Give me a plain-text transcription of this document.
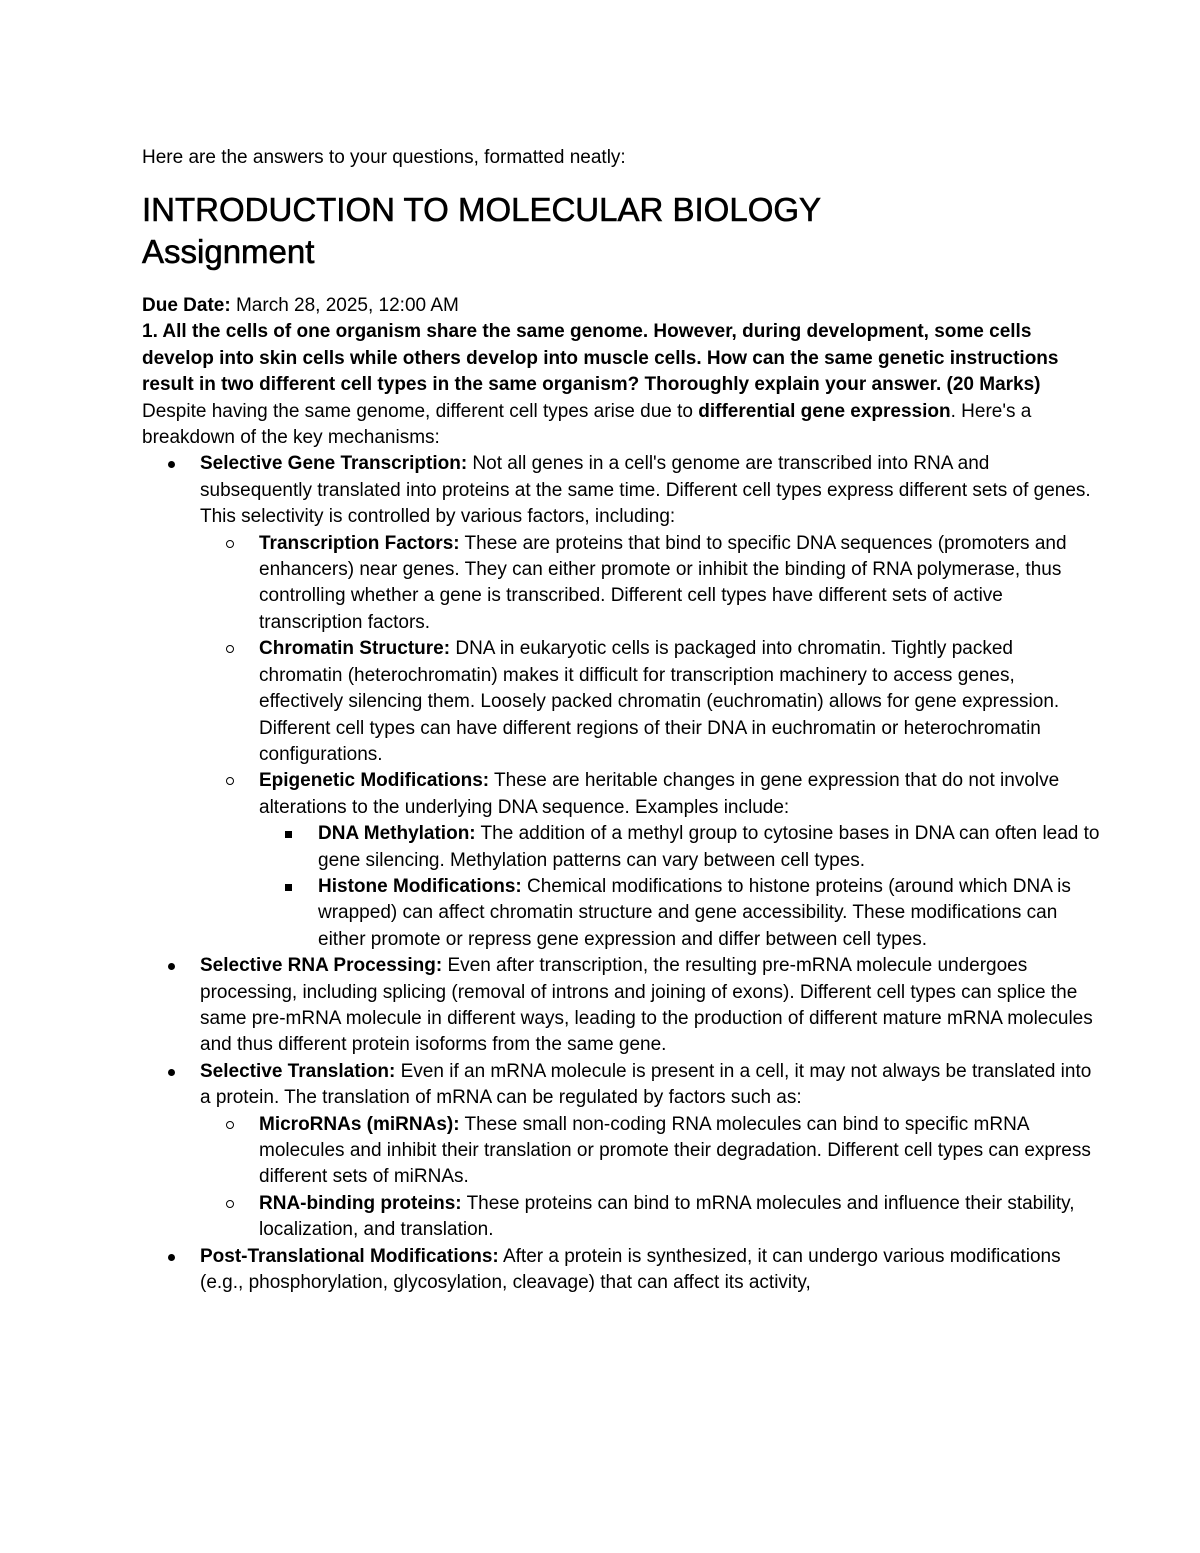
Here are the answers to your questions, formatted neatly:

INTRODUCTION TO MOLECULAR BIOLOGY
Assignment

Due Date: March 28, 2025, 12:00 AM

1. All the cells of one organism share the same genome. However, during development, some cells develop into skin cells while others develop into muscle cells. How can the same genetic instructions result in two different cell types in the same organism? Thoroughly explain your answer. (20 Marks)

Despite having the same genome, different cell types arise due to differential gene expression. Here's a breakdown of the key mechanisms:

Selective Gene Transcription: Not all genes in a cell's genome are transcribed into RNA and subsequently translated into proteins at the same time. Different cell types express different sets of genes. This selectivity is controlled by various factors, including:
Transcription Factors: These are proteins that bind to specific DNA sequences (promoters and enhancers) near genes. They can either promote or inhibit the binding of RNA polymerase, thus controlling whether a gene is transcribed. Different cell types have different sets of active transcription factors.
Chromatin Structure: DNA in eukaryotic cells is packaged into chromatin. Tightly packed chromatin (heterochromatin) makes it difficult for transcription machinery to access genes, effectively silencing them. Loosely packed chromatin (euchromatin) allows for gene expression. Different cell types can have different regions of their DNA in euchromatin or heterochromatin configurations.
Epigenetic Modifications: These are heritable changes in gene expression that do not involve alterations to the underlying DNA sequence. Examples include:
DNA Methylation: The addition of a methyl group to cytosine bases in DNA can often lead to gene silencing. Methylation patterns can vary between cell types.
Histone Modifications: Chemical modifications to histone proteins (around which DNA is wrapped) can affect chromatin structure and gene accessibility. These modifications can either promote or repress gene expression and differ between cell types.
Selective RNA Processing: Even after transcription, the resulting pre-mRNA molecule undergoes processing, including splicing (removal of introns and joining of exons). Different cell types can splice the same pre-mRNA molecule in different ways, leading to the production of different mature mRNA molecules and thus different protein isoforms from the same gene.
Selective Translation: Even if an mRNA molecule is present in a cell, it may not always be translated into a protein. The translation of mRNA can be regulated by factors such as:
MicroRNAs (miRNAs): These small non-coding RNA molecules can bind to specific mRNA molecules and inhibit their translation or promote their degradation. Different cell types can express different sets of miRNAs.
RNA-binding proteins: These proteins can bind to mRNA molecules and influence their stability, localization, and translation.
Post-Translational Modifications: After a protein is synthesized, it can undergo various modifications (e.g., phosphorylation, glycosylation, cleavage) that can affect its activity,
